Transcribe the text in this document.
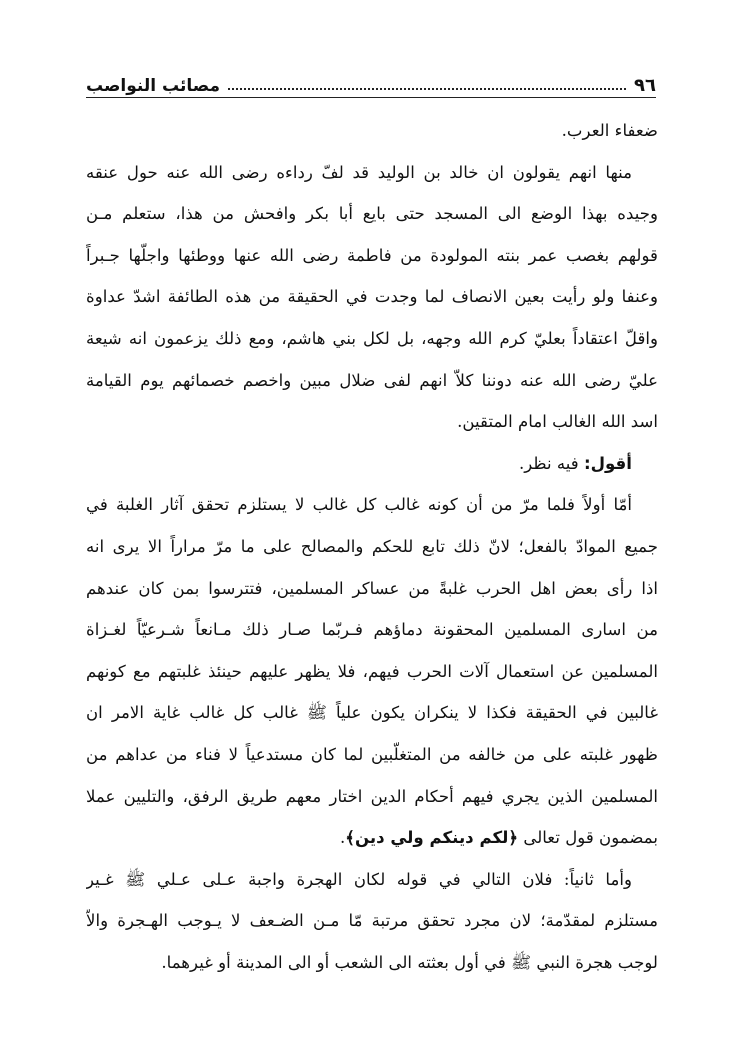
٩٦
مصائب النواصب
ضعفاء العرب.
منها انهم يقولون ان خالد بن الوليد قد لفّ رداءه رضى الله عنه حول عنقه
وجيده بهذا الوضع الى المسجد حتى بايع أبا بكر وافحش من هذا، ستعلم مـن
قولهم بغصب عمر بنته المولودة من فاطمة رضى الله عنها ووطئها واجلّها جـبراً
وعنفا ولو رأيت بعين الانصاف لما وجدت في الحقيقة من هذه الطائفة اشدّ عداوة
واقلّ اعتقاداً بعليّ كرم الله وجهه، بل لكل بني هاشم، ومع ذلك يزعمون انه شيعة
عليّ رضى الله عنه دوننا كلاّ انهم لفى ضلال مبين واخصم خصمائهم يوم القيامة
اسد الله الغالب امام المتقين.
أقول: فيه نظر.
أمّا أولاً فلما مرّ من أن كونه غالب كل غالب لا يستلزم تحقق آثار الغلبة في
جميع الموادّ بالفعل؛ لانّ ذلك تابع للحكم والمصالح على ما مرّ مراراً الا يرى انه
اذا رأى بعض اهل الحرب غلبةً من عساكر المسلمين، فتترسوا بمن كان عندهم
من اسارى المسلمين المحقونة دماؤهم فـربّما صـار ذلك مـانعاً شـرعيّاً لغـزاة
المسلمين عن استعمال آلات الحرب فيهم، فلا يظهر عليهم حينئذ غلبتهم مع كونهم
غالبين في الحقيقة فكذا لا ينكران يكون علياً ﷺ غالب كل غالب غاية الامر ان
ظهور غلبته على من خالفه من المتغلّبين لما كان مستدعياً لا فناء من عداهم من
المسلمين الذين يجري فيهم أحكام الدين اختار معهم طريق الرفق، والتليين عملا
بمضمون قول تعالى ﴿لكم دينكم ولي دين﴾.
وأما ثانياً: فلان التالي في قوله لكان الهجرة واجبة عـلى عـلي ﷺ غـير
مستلزم لمقدّمة؛ لان مجرد تحقق مرتبة مّا مـن الضـعف لا يـوجب الهـجرة والاّ
لوجب هجرة النبي ﷺ في أول بعثته الى الشعب أو الى المدينة أو غيرهما.
